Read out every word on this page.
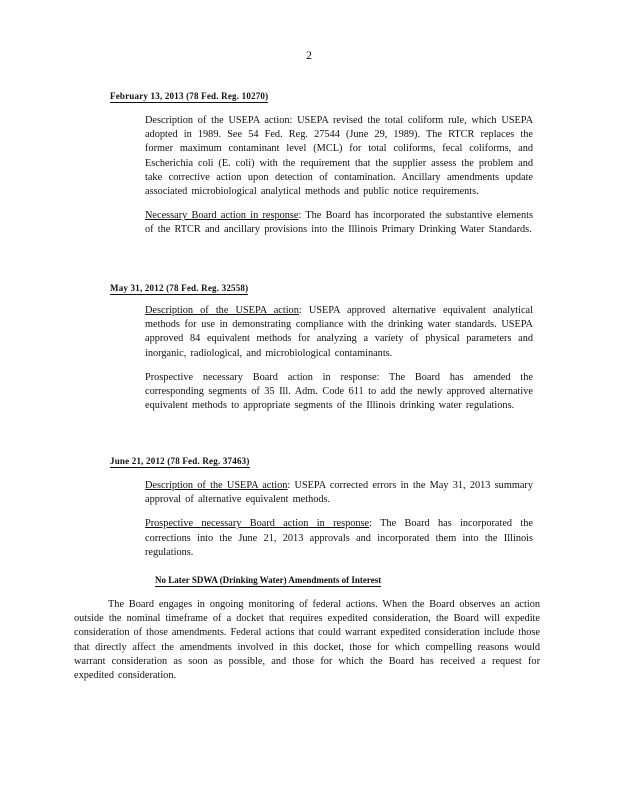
2
February 13, 2013 (78 Fed. Reg. 10270)

Description of the USEPA action: USEPA revised the total coliform rule, which USEPA adopted in 1989. See 54 Fed. Reg. 27544 (June 29, 1989). The RTCR replaces the former maximum contaminant level (MCL) for total coliforms, fecal coliforms, and Escherichia coli (E. coli) with the requirement that the supplier assess the problem and take corrective action upon detection of contamination. Ancillary amendments update associated microbiological analytical methods and public notice requirements.

Necessary Board action in response: The Board has incorporated the substantive elements of the RTCR and ancillary provisions into the Illinois Primary Drinking Water Standards.

May 31, 2012 (78 Fed. Reg. 32558)

Description of the USEPA action: USEPA approved alternative equivalent analytical methods for use in demonstrating compliance with the drinking water standards. USEPA approved 84 equivalent methods for analyzing a variety of physical parameters and inorganic, radiological, and microbiological contaminants.

Prospective necessary Board action in response: The Board has amended the corresponding segments of 35 Ill. Adm. Code 611 to add the newly approved alternative equivalent methods to appropriate segments of the Illinois drinking water regulations.

June 21, 2012 (78 Fed. Reg. 37463)

Description of the USEPA action: USEPA corrected errors in the May 31, 2013 summary approval of alternative equivalent methods.

Prospective necessary Board action in response: The Board has incorporated the corrections into the June 21, 2013 approvals and incorporated them into the Illinois regulations.

No Later SDWA (Drinking Water) Amendments of Interest

The Board engages in ongoing monitoring of federal actions. When the Board observes an action outside the nominal timeframe of a docket that requires expedited consideration, the Board will expedite consideration of those amendments. Federal actions that could warrant expedited consideration include those that directly affect the amendments involved in this docket, those for which compelling reasons would warrant consideration as soon as possible, and those for which the Board has received a request for expedited consideration.
